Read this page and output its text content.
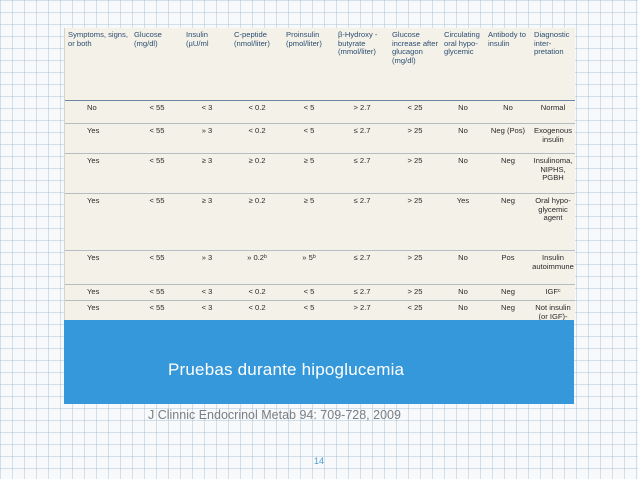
Symptoms, signs, or both	Glucose (mg/dl)	Insulin (µU/ml	C-peptide (nmol/liter)	Proinsulin (pmol/liter)	β-Hydroxy -butyrate (mmol/liter)	Glucose increase after glucagon (mg/dl)	Circulating oral hypo- glycemic	Antibody to insulin	Diagnostic inter- pretation
No	< 55	< 3	< 0.2	< 5	> 2.7	< 25	No	No	Normal
Yes	< 55	» 3	< 0.2	< 5	≤ 2.7	> 25	No	Neg (Pos)	Exogenous insulin
Yes	< 55	≥ 3	≥ 0.2	≥ 5	≤ 2.7	> 25	No	Neg	Insulinoma, NIPHS, PGBH
Yes	< 55	≥ 3	≥ 0.2	≥ 5	≤ 2.7	> 25	Yes	Neg	Oral hypo- glycemic agent
Yes	< 55	» 3	» 0.2ᵇ	» 5ᵇ	≤ 2.7	> 25	No	Pos	Insulin autoimmune
Yes	< 55	< 3	< 0.2	< 5	≤ 2.7	> 25	No	Neg	IGFᶜ
Yes	< 55	< 3	< 0.2	< 5	> 2.7	< 25	No	Neg	Not insulin (or IGF)-
Pruebas durante hipoglucemia
J Clinnic Endocrinol Metab 94: 709-728, 2009
14
